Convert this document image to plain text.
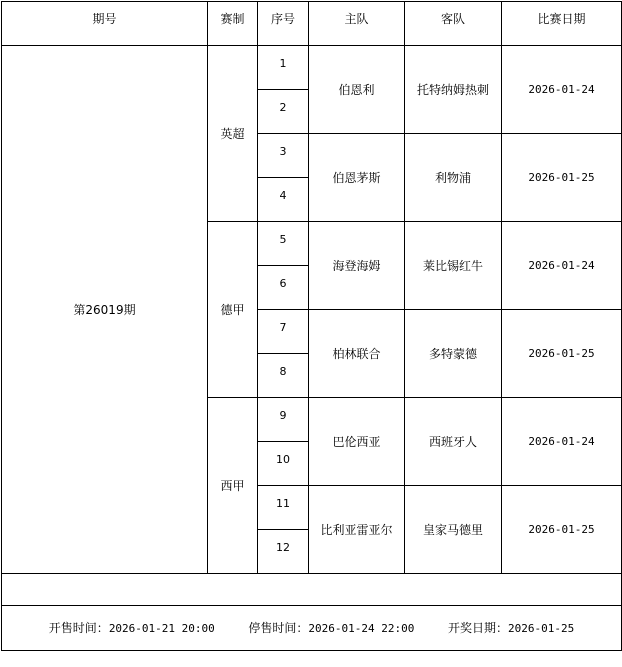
期号	赛制	序号	主队	客队	比赛日期
第26019期	英超	1	伯恩利	托特纳姆热刺	2026-01-24
		2			
		3	伯恩茅斯	利物浦	2026-01-25
		4			
	德甲	5	海登海姆	莱比锡红牛	2026-01-24
		6			
		7	柏林联合	多特蒙德	2026-01-25
		8			
	西甲	9	巴伦西亚	西班牙人	2026-01-24
		10			
		11	比利亚雷亚尔	皇家马德里	2026-01-25
		12			

开售时间：2026-01-21 20:00 停售时间：2026-01-24 22:00 开奖日期：2026-01-25					
